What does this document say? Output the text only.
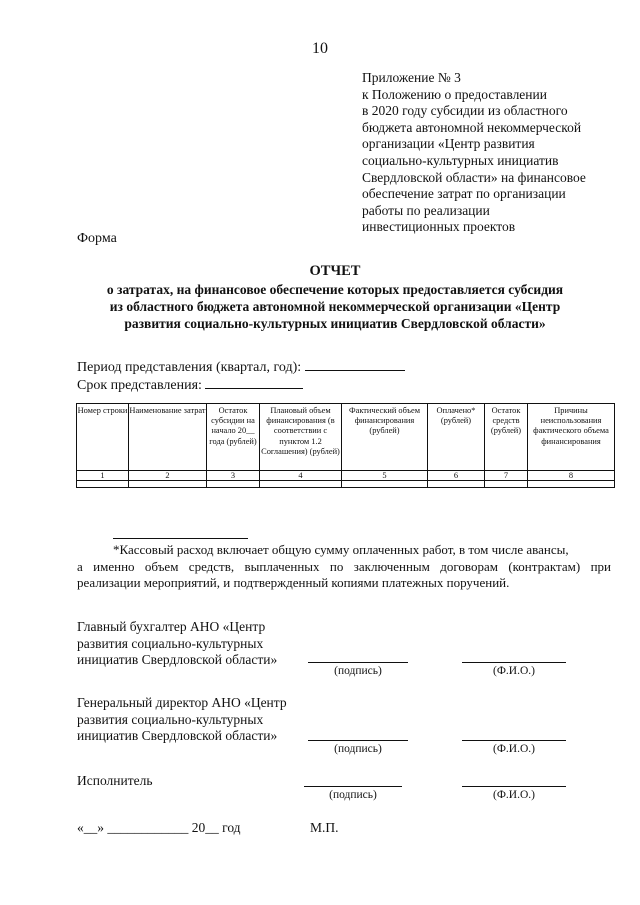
10
Приложение № 3
к Положению о предоставлении
в 2020 году субсидии из областного
бюджета автономной некоммерческой
организации «Центр развития
социально-культурных инициатив
Свердловской области» на финансовое
обеспечение затрат по организации
работы по реализации
инвестиционных проектов
Форма
ОТЧЕТ
о затратах, на финансовое обеспечение которых предоставляется субсидия
из областного бюджета автономной некоммерческой организации «Центр
развития социально-культурных инициатив Свердловской области»
Период представления (квартал, год):
Срок представления:
Номер строки	Наименование затрат	Остаток субсидии на начало 20__ года (рублей)	Плановый объем финансирования (в соответствии с пунктом 1.2 Соглашения) (рублей)	Фактический объем финансирования (рублей)	Оплачено* (рублей)	Остаток средств (рублей)	Причины неиспользования фактического объема финансирования
1	2	3	4	5	6	7	8

*Кассовый расход включает общую сумму оплаченных работ, в том числе авансы,
а именно объем средств, выплаченных по заключенным договорам (контрактам) при реализации мероприятий, и подтвержденный копиями платежных поручений.
Главный бухгалтер АНО «Центр
развития социально-культурных
инициатив Свердловской области»
(подпись)	(Ф.И.О.)
Генеральный директор АНО «Центр
развития социально-культурных
инициатив Свердловской области»
(подпись)	(Ф.И.О.)
Исполнитель
(подпись)	(Ф.И.О.)
«__» ____________ 20__ год	М.П.
